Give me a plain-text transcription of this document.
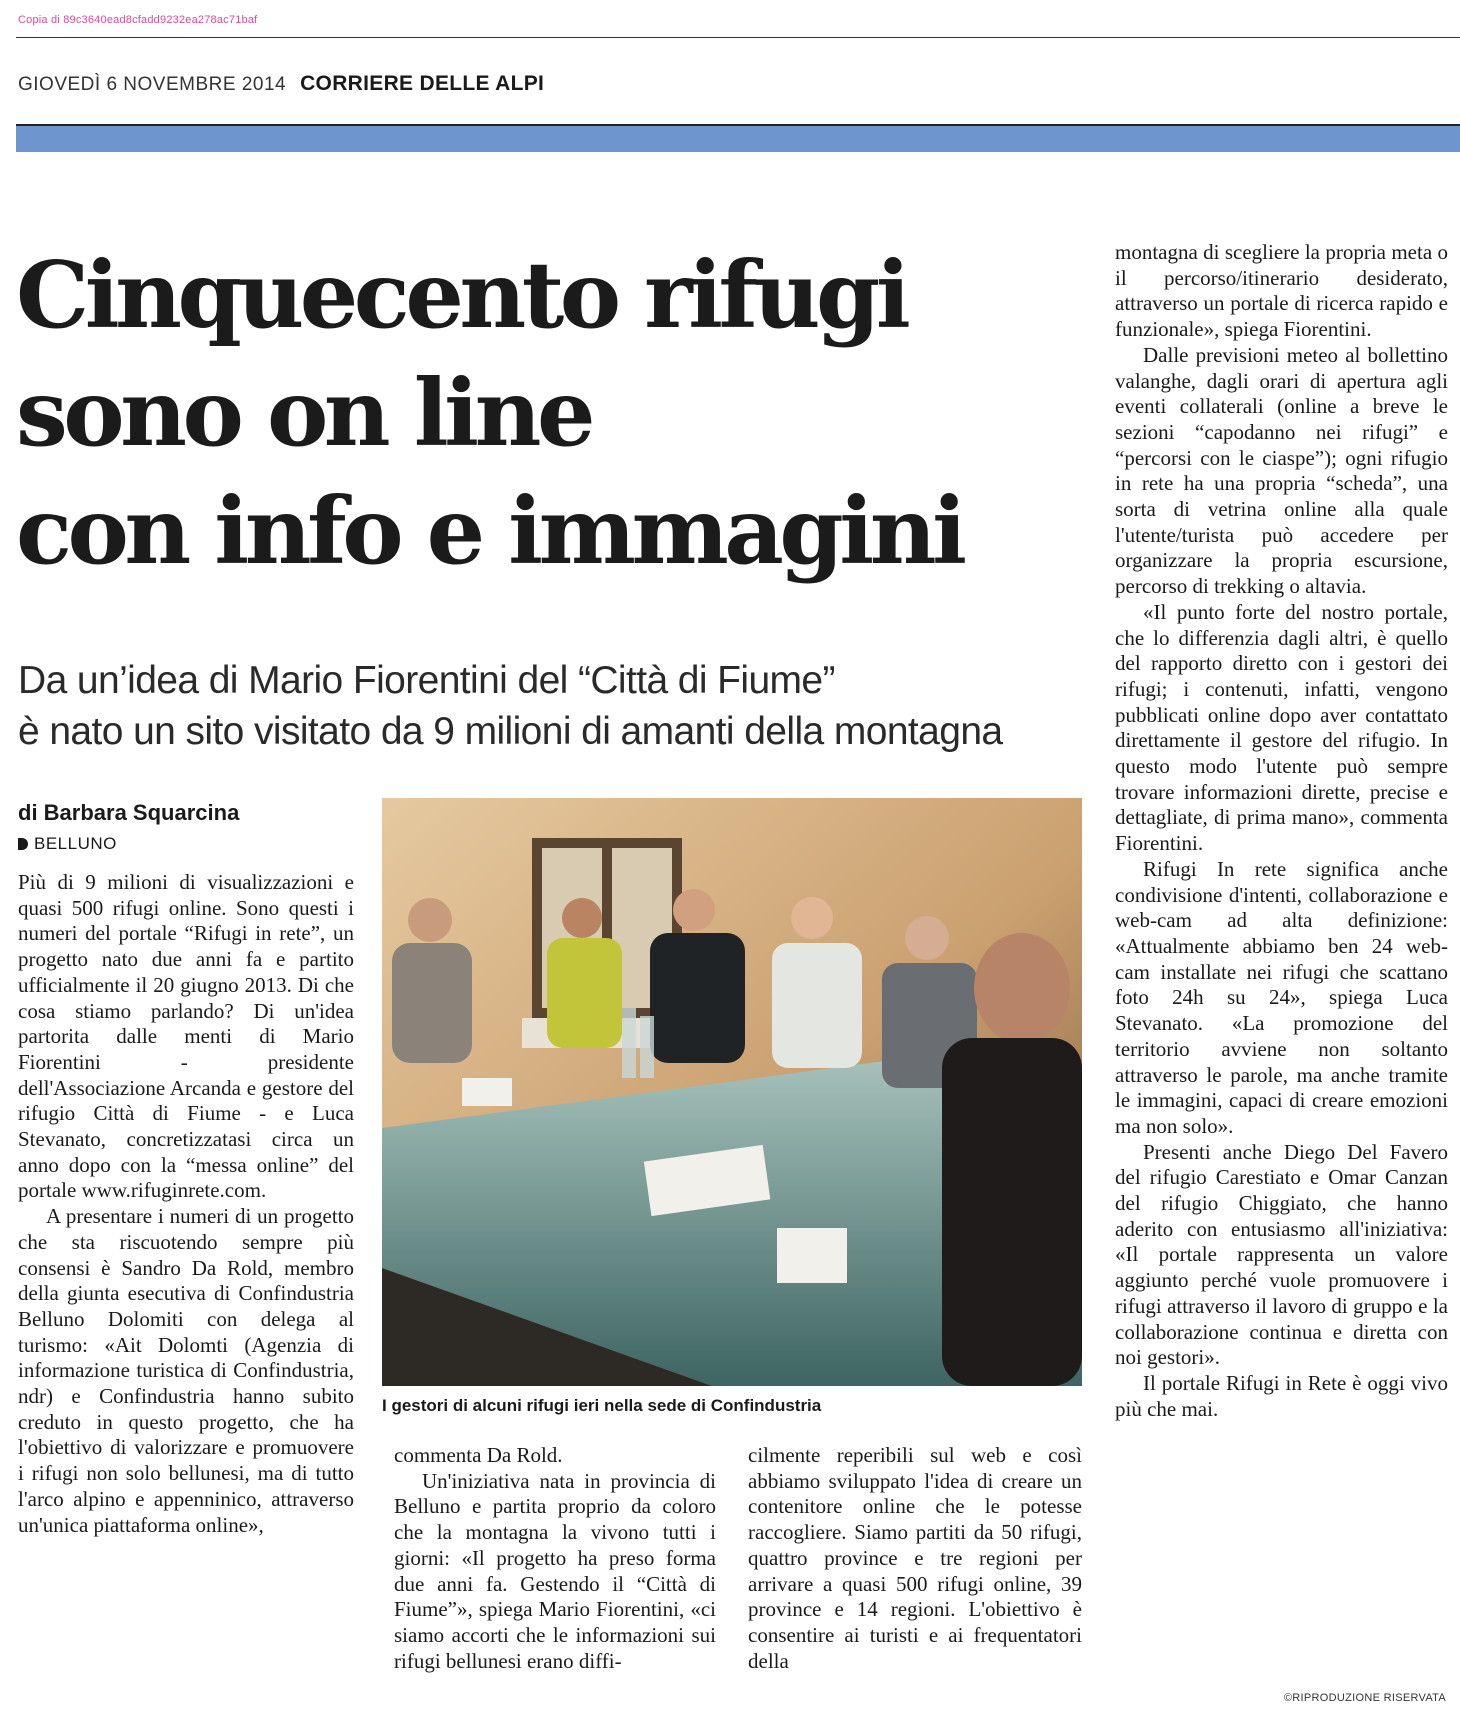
Copia di 89c3640ead8cfadd9232ea278ac71baf
GIOVEDÌ 6 NOVEMBRE 2014 CORRIERE DELLE ALPI
Cinquecento rifugi
sono on line
con info e immagini
Da un’idea di Mario Fiorentini del “Città di Fiume”
è nato un sito visitato da 9 milioni di amanti della montagna
di Barbara Squarcina
BELLUNO

Più di 9 milioni di visualizzazioni e quasi 500 rifugi online. Sono questi i numeri del portale “Rifugi in rete”, un progetto nato due anni fa e partito ufficialmente il 20 giugno 2013. Di che cosa stiamo parlando? Di un'idea partorita dalle menti di Mario Fiorentini - presidente dell'Associazione Arcanda e gestore del rifugio Città di Fiume - e Luca Stevanato, concretizzatasi circa un anno dopo con la “messa online” del portale www.rifuginrete.com.

A presentare i numeri di un progetto che sta riscuotendo sempre più consensi è Sandro Da Rold, membro della giunta esecutiva di Confindustria Belluno Dolomiti con delega al turismo: «Ait Dolomti (Agenzia di informazione turistica di Confindustria, ndr) e Confindustria hanno subito creduto in questo progetto, che ha l'obiettivo di valorizzare e promuovere i rifugi non solo bellunesi, ma di tutto l'arco alpino e appenninico, attraverso un'unica piattaforma online»,

I gestori di alcuni rifugi ieri nella sede di Confindustria

commenta Da Rold.

Un'iniziativa nata in provincia di Belluno e partita proprio da coloro che la montagna la vivono tutti i giorni: «Il progetto ha preso forma due anni fa. Gestendo il “Città di Fiume”», spiega Mario Fiorentini, «ci siamo accorti che le informazioni sui rifugi bellunesi erano diffi-

cilmente reperibili sul web e così abbiamo sviluppato l'idea di creare un contenitore online che le potesse raccogliere. Siamo partiti da 50 rifugi, quattro province e tre regioni per arrivare a quasi 500 rifugi online, 39 province e 14 regioni. L'obiettivo è consentire ai turisti e ai frequentatori della

montagna di scegliere la propria meta o il percorso/itinerario desiderato, attraverso un portale di ricerca rapido e funzionale», spiega Fiorentini.

Dalle previsioni meteo al bollettino valanghe, dagli orari di apertura agli eventi collaterali (online a breve le sezioni “capodanno nei rifugi” e “percorsi con le ciaspe”); ogni rifugio in rete ha una propria “scheda”, una sorta di vetrina online alla quale l'utente/turista può accedere per organizzare la propria escursione, percorso di trekking o altavia.

«Il punto forte del nostro portale, che lo differenzia dagli altri, è quello del rapporto diretto con i gestori dei rifugi; i contenuti, infatti, vengono pubblicati online dopo aver contattato direttamente il gestore del rifugio. In questo modo l'utente può sempre trovare informazioni dirette, precise e dettagliate, di prima mano», commenta Fiorentini.

Rifugi In rete significa anche condivisione d'intenti, collaborazione e web-cam ad alta definizione: «Attualmente abbiamo ben 24 web-cam installate nei rifugi che scattano foto 24h su 24», spiega Luca Stevanato. «La promozione del territorio avviene non soltanto attraverso le parole, ma anche tramite le immagini, capaci di creare emozioni ma non solo».

Presenti anche Diego Del Favero del rifugio Carestiato e Omar Canzan del rifugio Chiggiato, che hanno aderito con entusiasmo all'iniziativa: «Il portale rappresenta un valore aggiunto perché vuole promuovere i rifugi attraverso il lavoro di gruppo e la collaborazione continua e diretta con noi gestori».

Il portale Rifugi in Rete è oggi vivo più che mai.

©RIPRODUZIONE RISERVATA
